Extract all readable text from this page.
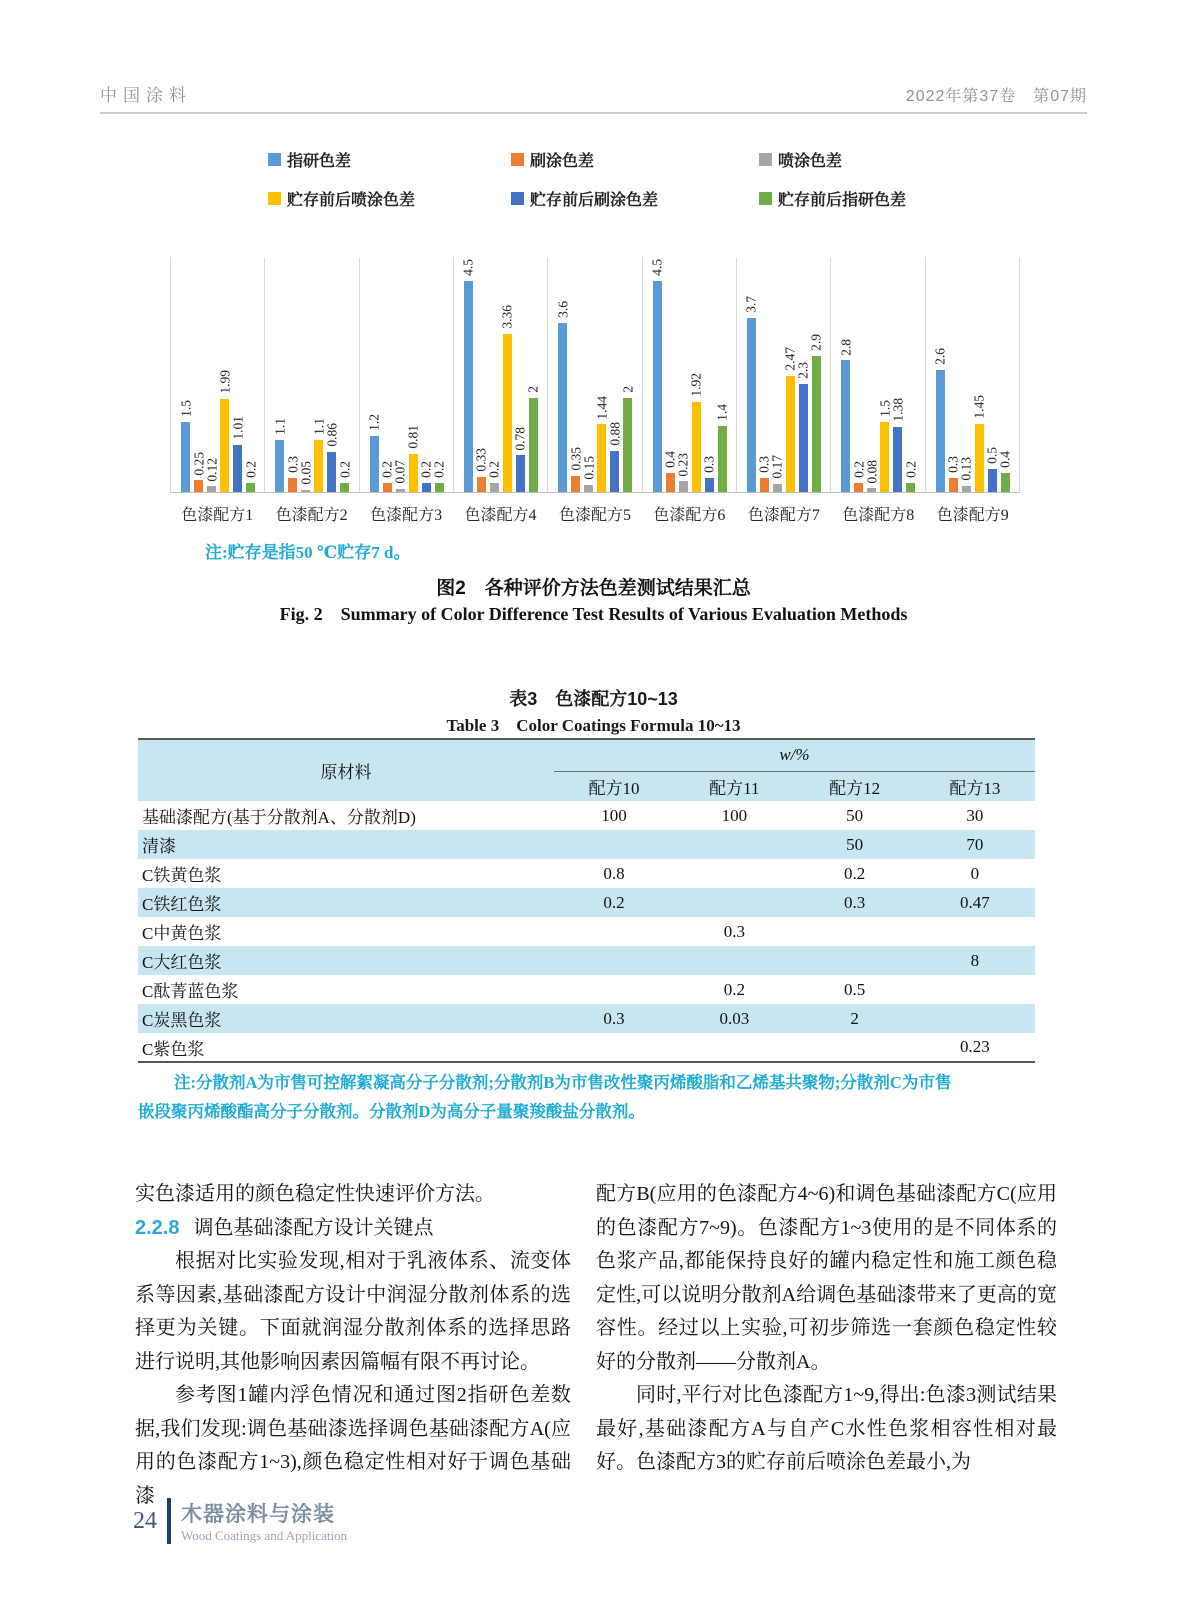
中国涂料	2022年第37卷　第07期
指研色差	刷涂色差	喷涂色差
贮存前后喷涂色差	贮存前后刷涂色差	贮存前后指研色差
1.5
0.25
0.12
1.99
1.01
0.2
1.1
0.3
0.05
1.1
0.86
0.2
1.2
0.2
0.07
0.81
0.2
0.2
4.5
0.33
0.2
3.36
0.78
2
3.6
0.35
0.15
1.44
0.88
2
4.5
0.4
0.23
1.92
0.3
1.4
3.7
0.3
0.17
2.47
2.3
2.9 2.8
0.2
0.08
1.5
1.38
0.2
2.6
0.3
0.13
1.45
0.5
0.4
色漆配方1	色漆配方2	色漆配方3	色漆配方4	色漆配方5	色漆配方6	色漆配方7	色漆配方8	色漆配方9
注:贮存是指50 ℃贮存7 d。
图2　各种评价方法色差测试结果汇总
Fig. 2　Summary of Color Difference Test Results of Various Evaluation Methods
表3　色漆配方10~13
Table 3　Color Coatings Formula 10~13
原材料	w/%			
	配方10	配方11	配方12	配方13
基础漆配方(基于分散剂A、分散剂D)	100	100	50	30
清漆			50	70
C铁黄色浆	0.8		0.2	0
C铁红色浆	0.2		0.3	0.47
C中黄色浆		0.3		
C大红色浆				8
C酞菁蓝色浆		0.2	0.5	
C炭黑色浆	0.3	0.03	2	
C紫色浆				0.23
注:分散剂A为市售可控解絮凝高分子分散剂;分散剂B为市售改性聚丙烯酸脂和乙烯基共聚物;分散剂C为市售
嵌段聚丙烯酸酯高分子分散剂。分散剂D为高分子量聚羧酸盐分散剂。

实色漆适用的颜色稳定性快速评价方法。

2.2.8 调色基础漆配方设计关键点

根据对比实验发现,相对于乳液体系、流变体系等因素,基础漆配方设计中润湿分散剂体系的选择更为关键。下面就润湿分散剂体系的选择思路进行说明,其他影响因素因篇幅有限不再讨论。

参考图1罐内浮色情况和通过图2指研色差数据,我们发现:调色基础漆选择调色基础漆配方A(应用的色漆配方1~3),颜色稳定性相对好于调色基础漆

配方B(应用的色漆配方4~6)和调色基础漆配方C(应用的色漆配方7~9)。色漆配方1~3使用的是不同体系的色浆产品,都能保持良好的罐内稳定性和施工颜色稳定性,可以说明分散剂A给调色基础漆带来了更高的宽容性。经过以上实验,可初步筛选一套颜色稳定性较好的分散剂——分散剂A。

同时,平行对比色漆配方1~9,得出:色漆3测试结果最好,基础漆配方A与自产C水性色浆相容性相对最好。色漆配方3的贮存前后喷涂色差最小,为

24 木器涂料与涂装
Wood Coatings and Application
